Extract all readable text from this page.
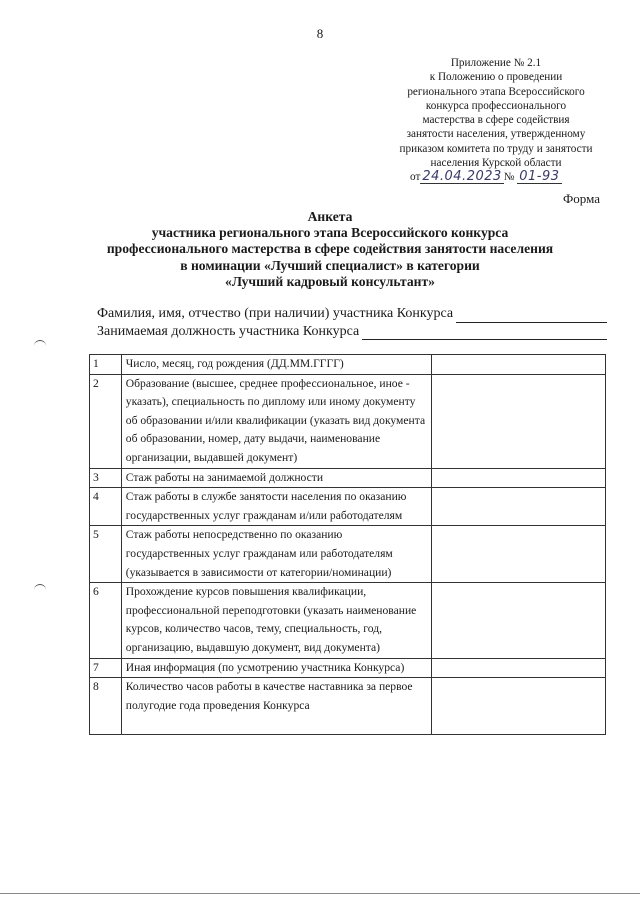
8
Приложение № 2.1
к Положению о проведении
регионального этапа Всероссийского
конкурса профессионального
мастерства в сфере содействия
занятости населения, утвержденному
приказом комитета по труду и занятости
населения Курской области
от 24.04.2023 № 01-93
Форма
Анкета
участника регионального этапа Всероссийского конкурса
профессионального мастерства в сфере содействия занятости населения
в номинации «Лучший специалист» в категории
«Лучший кадровый консультант»
Фамилия, имя, отчество (при наличии) участника Конкурса
Занимаемая должность участника Конкурса
1	Число, месяц, год рождения (ДД.ММ.ГГГГ)	
2	Образование (высшее, среднее профессиональное, иное - указать), специальность по диплому или иному документу об образовании и/или квалификации (указать вид документа об образовании, номер, дату выдачи, наименование организации, выдавшей документ)	
3	Стаж работы на занимаемой должности	
4	Стаж работы в службе занятости населения по оказанию государственных услуг гражданам и/или работодателям	
5	Стаж работы непосредственно по оказанию государственных услуг гражданам или работодателям (указывается в зависимости от категории/номинации)	
6	Прохождение курсов повышения квалификации, профессиональной переподготовки (указать наименование курсов, количество часов, тему, специальность, год, организацию, выдавшую документ, вид документа)	
7	Иная информация (по усмотрению участника Конкурса)	
8	Количество часов работы в качестве наставника за первое полугодие года проведения Конкурса	
